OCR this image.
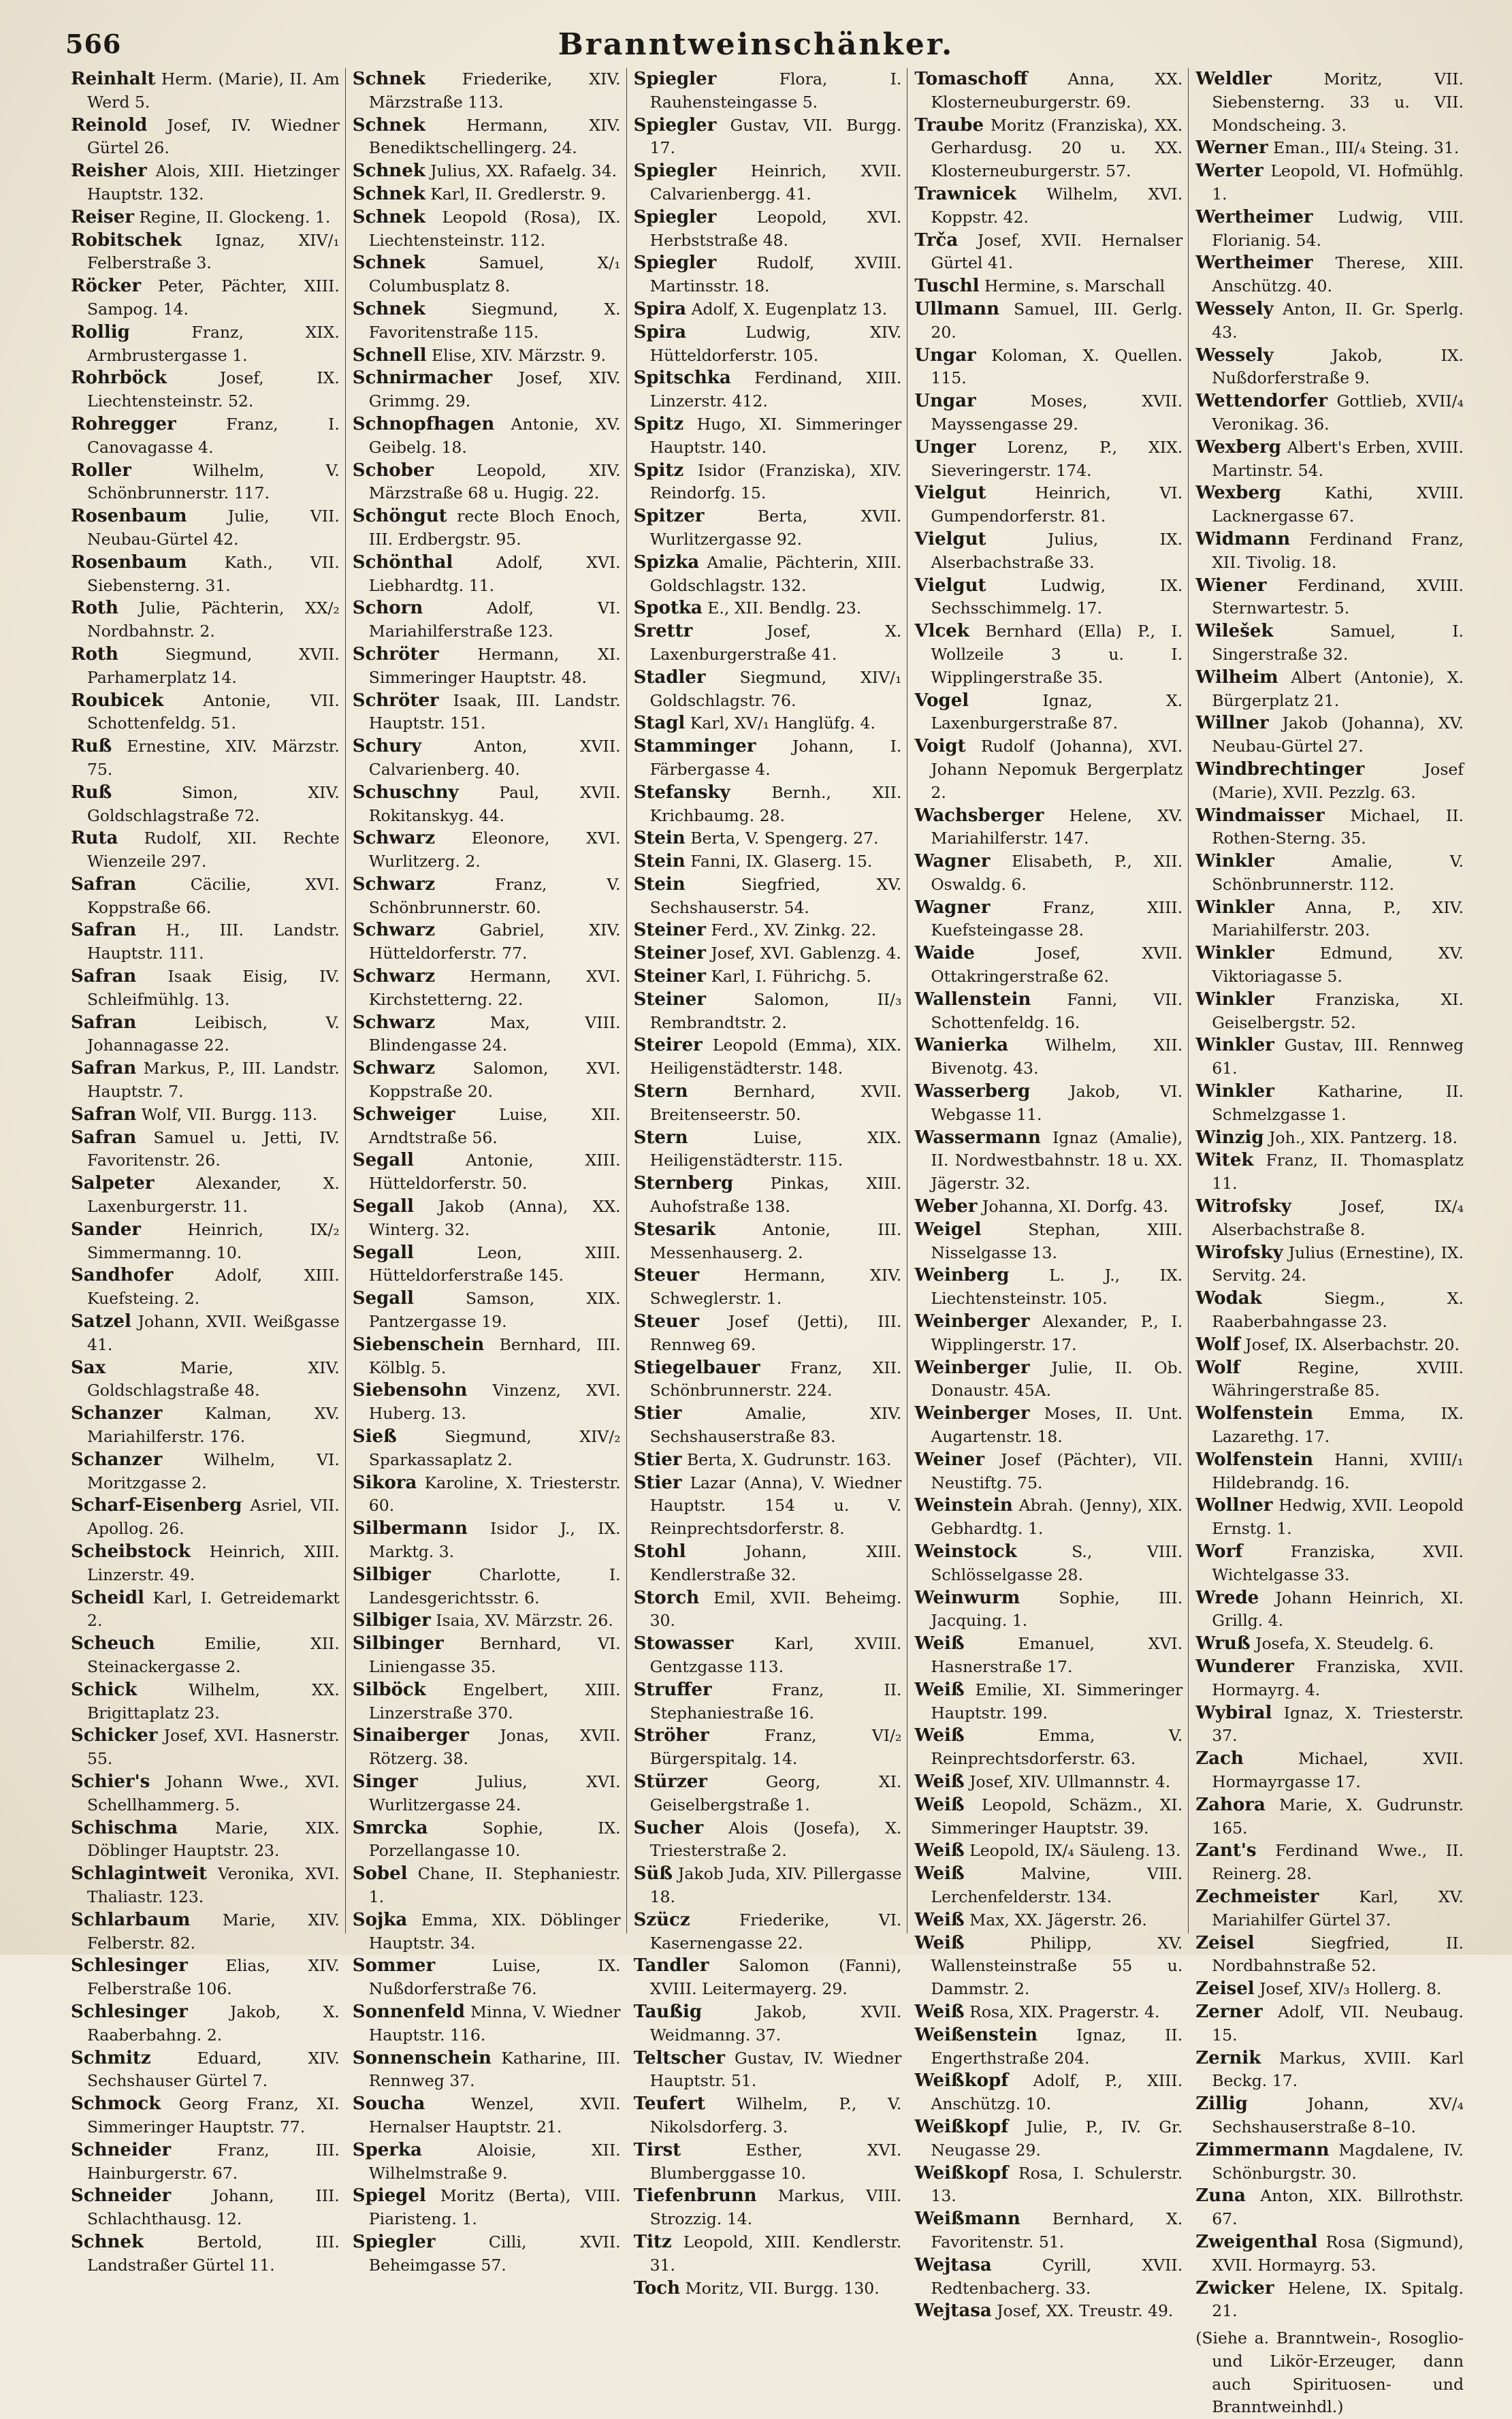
566	Branntweinschänker.
Reinhalt Herm. (Marie), II. Am Werd 5.
Reinold Josef, IV. Wiedner Gürtel 26.
Reisher Alois, XIII. Hietzinger Hauptstr. 132.
Reiser Regine, II. Glockeng. 1.
Robitschek Ignaz, XIV/₁ Felberstraße 3.
Röcker Peter, Pächter, XIII. Sampog. 14.
Rollig	Franz, XIX. Armbrustergasse 1.
Rohrböck	Josef, IX. Liechtensteinstr. 52.
Rohregger	Franz, I. Canovagasse 4.
Roller	Wilhelm, V. Schönbrunnerstr. 117.
Rosenbaum	Julie, VII. Neubau-Gürtel 42.
Rosenbaum Kath., VII. Siebensterng. 31.
Roth Julie, Pächterin, XX/₂ Nordbahnstr. 2.
Roth	Siegmund, XVII. Parhamerplatz 14.
Roubicek Antonie, VII. Schottenfeldg. 51.
Ruß Ernestine, XIV. Märzstr. 75.
Ruß	Simon, XIV. Goldschlagstraße 72.
Ruta Rudolf, XII. Rechte Wienzeile 297.
Safran	Cäcilie, XVI. Koppstraße 66.
Safran H., III. Landstr. Hauptstr. 111.
Safran Isaak Eisig, IV. Schleifmühlg. 13.
Safran	Leibisch, V. Johannagasse 22.
Safran Markus, P., III. Landstr. Hauptstr. 7.
Safran Wolf, VII. Burgg. 113.
Safran Samuel u. Jetti, IV. Favoritenstr. 26.
Salpeter	Alexander, X. Laxenburgerstr. 11.
Sander	Heinrich, IX/₂ Simmermanng. 10.
Sandhofer	Adolf, XIII. Kuefsteing. 2.
Satzel Johann, XVII. Weißgasse 41.
Sax	Marie, XIV. Goldschlagstraße 48.
Schanzer	Kalman, XV. Mariahilferstr. 176.
Schanzer	Wilhelm, VI. Moritzgasse 2.
Scharf-Eisenberg Asriel, VII. Apollog. 26.
Scheibstock Heinrich, XIII. Linzerstr. 49.
Scheidl Karl, I. Getreidemarkt 2.
Scheuch	Emilie, XII. Steinackergasse 2.
Schick	Wilhelm, XX. Brigittaplatz 23.
Schicker Josef, XVI. Hasnerstr. 55.
Schier's Johann Wwe., XVI. Schellhammerg. 5.
Schischma Marie, XIX. Döblinger Hauptstr. 23.
Schlagintweit Veronika, XVI. Thaliastr. 123.
Schlarbaum Marie, XIV. Felberstr. 82.
Schlesinger Elias, XIV. Felberstraße 106.
Schlesinger	Jakob, X. Raaberbahng. 2.
Schmitz	Eduard, XIV. Sechshauser Gürtel 7.
Schmock Georg Franz, XI. Simmeringer Hauptstr. 77.
Schneider	Franz, III. Hainburgerstr. 67.
Schneider	Johann, III. Schlachthausg. 12.
Schnek	Bertold, III. Landstraßer Gürtel 11.
Schnek Friederike, XIV. Märzstraße 113.
Schnek	Hermann, XIV. Benediktschellingerg. 24.
Schnek Julius, XX. Rafaelg. 34.
Schnek Karl, II. Gredlerstr. 9.
Schnek Leopold (Rosa), IX. Liechtensteinstr. 112.
Schnek	Samuel, X/₁ Columbusplatz 8.
Schnek	Siegmund, X. Favoritenstraße 115.
Schnell Elise, XIV. Märzstr. 9.
Schnirmacher Josef, XIV. Grimmg. 29.
Schnopfhagen Antonie, XV. Geibelg. 18.
Schober	Leopold, XIV. Märzstraße 68 u. Hugig. 22.
Schöngut recte Bloch Enoch, III. Erdbergstr. 95.
Schönthal	Adolf, XVI. Liebhardtg. 11.
Schorn	Adolf, VI. Mariahilferstraße 123.
Schröter Hermann, XI. Simmeringer Hauptstr. 48.
Schröter Isaak, III. Landstr. Hauptstr. 151.
Schury	Anton, XVII. Calvarienberg. 40.
Schuschny	Paul, XVII. Rokitanskyg. 44.
Schwarz Eleonore, XVI. Wurlitzerg. 2.
Schwarz	Franz, V. Schönbrunnerstr. 60.
Schwarz	Gabriel, XIV. Hütteldorferstr. 77.
Schwarz Hermann, XVI. Kirchstetterng. 22.
Schwarz	Max, VIII. Blindengasse 24.
Schwarz Salomon, XVI. Koppstraße 20.
Schweiger	Luise, XII. Arndtstraße 56.
Segall	Antonie, XIII. Hütteldorferstr. 50.
Segall Jakob (Anna), XX. Winterg. 32.
Segall	Leon, XIII. Hütteldorferstraße 145.
Segall	Samson, XIX. Pantzergasse 19.
Siebenschein Bernhard, III. Kölblg. 5.
Siebensohn Vinzenz, XVI. Huberg. 13.
Sieß	Siegmund, XIV/₂ Sparkassaplatz 2.
Sikora Karoline, X. Triesterstr. 60.
Silbermann Isidor J., IX. Marktg. 3.
Silbiger	Charlotte, I. Landesgerichtsstr. 6.
Silbiger Isaia, XV. Märzstr. 26.
Silbinger Bernhard, VI. Liniengasse 35.
Silböck Engelbert, XIII. Linzerstraße 370.
Sinaiberger Jonas, XVII. Rötzerg. 38.
Singer	Julius, XVI. Wurlitzergasse 24.
Smrcka	Sophie, IX. Porzellangasse 10.
Sobel Chane, II. Stephaniestr. 1.
Sojka Emma, XIX. Döblinger Hauptstr. 34.
Sommer	Luise, IX. Nußdorferstraße 76.
Sonnenfeld Minna, V. Wiedner Hauptstr. 116.
Sonnenschein Katharine, III. Rennweg 37.
Soucha	Wenzel, XVII. Hernalser Hauptstr. 21.
Sperka	Aloisie, XII. Wilhelmstraße 9.
Spiegel Moritz (Berta), VIII. Piaristeng. 1.
Spiegler	Cilli, XVII. Beheimgasse 57.
Spiegler	Flora, I. Rauhensteingasse 5.
Spiegler Gustav, VII. Burgg. 17.
Spiegler Heinrich, XVII. Calvarienbergg. 41.
Spiegler	Leopold, XVI. Herbststraße 48.
Spiegler	Rudolf, XVIII. Martinsstr. 18.
Spira Adolf, X. Eugenplatz 13.
Spira	Ludwig, XIV. Hütteldorferstr. 105.
Spitschka Ferdinand, XIII. Linzerstr. 412.
Spitz Hugo, XI. Simmeringer Hauptstr. 140.
Spitz Isidor (Franziska), XIV. Reindorfg. 15.
Spitzer	Berta, XVII. Wurlitzergasse 92.
Spizka Amalie, Pächterin, XIII. Goldschlagstr. 132.
Spotka E., XII. Bendlg. 23.
Srettr	Josef, X. Laxenburgerstraße 41.
Stadler Siegmund, XIV/₁ Goldschlagstr. 76.
Stagl Karl, XV/₁ Hanglüfg. 4.
Stamminger Johann, I. Färbergasse 4.
Stefansky	Bernh., XII. Krichbaumg. 28.
Stein Berta, V. Spengerg. 27.
Stein Fanni, IX. Glaserg. 15.
Stein	Siegfried, XV. Sechshauserstr. 54.
Steiner Ferd., XV. Zinkg. 22.
Steiner Josef, XVI. Gablenzg. 4.
Steiner Karl, I. Führichg. 5.
Steiner	Salomon, II/₃ Rembrandtstr. 2.
Steirer Leopold (Emma), XIX. Heiligenstädterstr. 148.
Stern	Bernhard, XVII. Breitenseerstr. 50.
Stern	Luise, XIX. Heiligenstädterstr. 115.
Sternberg Pinkas, XIII. Auhofstraße 138.
Stesarik	Antonie, III. Messenhauserg. 2.
Steuer	Hermann, XIV. Schweglerstr. 1.
Steuer Josef (Jetti), III. Rennweg 69.
Stiegelbauer Franz, XII. Schönbrunnerstr. 224.
Stier	Amalie, XIV. Sechshauserstraße 83.
Stier Berta, X. Gudrunstr. 163.
Stier Lazar (Anna), V. Wiedner Hauptstr. 154 u. V. Reinprechtsdorferstr. 8.
Stohl	Johann, XIII. Kendlerstraße 32.
Storch Emil, XVII. Beheimg. 30.
Stowasser	Karl, XVIII. Gentzgasse 113.
Struffer	Franz, II. Stephaniestraße 16.
Ströher	Franz, VI/₂ Bürgerspitalg. 14.
Stürzer	Georg, XI. Geiselbergstraße 1.
Sucher Alois (Josefa), X. Triesterstraße 2.
Süß Jakob Juda, XIV. Pillergasse 18.
Szücz	Friederike, VI. Kasernengasse 22.
Tandler Salomon (Fanni), XVIII. Leitermayerg. 29.
Taußig	Jakob, XVII. Weidmanng. 37.
Teltscher Gustav, IV. Wiedner Hauptstr. 51.
Teufert Wilhelm, P., V. Nikolsdorferg. 3.
Tirst	Esther, XVI. Blumberggasse 10.
Tiefenbrunn Markus, VIII. Strozzig. 14.
Titz Leopold, XIII. Kendlerstr. 31.
Toch Moritz, VII. Burgg. 130.
Tomaschoff	Anna, XX. Klosterneuburgerstr. 69.
Traube Moritz (Franziska), XX. Gerhardusg. 20 u. XX. Klosterneuburgerstr. 57.
Trawnicek Wilhelm, XVI. Koppstr. 42.
Trča Josef, XVII. Hernalser Gürtel 41.
Tuschl Hermine, s. Marschall
Ullmann Samuel, III. Gerlg. 20.
Ungar Koloman, X. Quellen. 115.
Ungar	Moses, XVII. Mayssengasse 29.
Unger Lorenz, P., XIX. Sieveringerstr. 174.
Vielgut	Heinrich, VI. Gumpendorferstr. 81.
Vielgut	Julius, IX. Alserbachstraße 33.
Vielgut	Ludwig, IX. Sechsschimmelg. 17.
Vlcek Bernhard (Ella) P., I. Wollzeile 3 u. I. Wipplingerstraße 35.
Vogel	Ignaz, X. Laxenburgerstraße 87.
Voigt Rudolf (Johanna), XVI. Johann Nepomuk Bergerplatz 2.
Wachsberger Helene, XV. Mariahilferstr. 147.
Wagner Elisabeth, P., XII. Oswaldg. 6.
Wagner	Franz, XIII. Kuefsteingasse 28.
Waide	Josef, XVII. Ottakringerstraße 62.
Wallenstein Fanni, VII. Schottenfeldg. 16.
Wanierka Wilhelm, XII. Bivenotg. 43.
Wasserberg Jakob, VI. Webgasse 11.
Wassermann Ignaz (Amalie), II. Nordwestbahnstr. 18 u. XX. Jägerstr. 32.
Weber Johanna, XI. Dorfg. 43.
Weigel	Stephan, XIII. Nisselgasse 13.
Weinberg L. J., IX. Liechtensteinstr. 105.
Weinberger Alexander, P., I. Wipplingerstr. 17.
Weinberger Julie, II. Ob. Donaustr. 45A.
Weinberger Moses, II. Unt. Augartenstr. 18.
Weiner Josef (Pächter), VII. Neustiftg. 75.
Weinstein Abrah. (Jenny), XIX. Gebhardtg. 1.
Weinstock	S., VIII. Schlösselgasse 28.
Weinwurm Sophie, III. Jacquing. 1.
Weiß	Emanuel, XVI. Hasnerstraße 17.
Weiß Emilie, XI. Simmeringer Hauptstr. 199.
Weiß	Emma, V. Reinprechtsdorferstr. 63.
Weiß Josef, XIV. Ullmannstr. 4.
Weiß Leopold, Schäzm., XI. Simmeringer Hauptstr. 39.
Weiß Leopold, IX/₄ Säuleng. 13.
Weiß	Malvine, VIII. Lerchenfelderstr. 134.
Weiß Max, XX. Jägerstr. 26.
Weiß	Philipp, XV. Wallensteinstraße 55 u. Dammstr. 2.
Weiß Rosa, XIX. Pragerstr. 4.
Weißenstein Ignaz, II. Engerthstraße 204.
Weißkopf Adolf, P., XIII. Anschützg. 10.
Weißkopf Julie, P., IV. Gr. Neugasse 29.
Weißkopf Rosa, I. Schulerstr. 13.
Weißmann Bernhard, X. Favoritenstr. 51.
Wejtasa	Cyrill, XVII. Redtenbacherg. 33.
Wejtasa Josef, XX. Treustr. 49.
Weldler	Moritz, VII. Siebensterng. 33 u. VII. Mondscheing. 3.
Werner Eman., III/₄ Steing. 31.
Werter Leopold, VI. Hofmühlg. 1.
Wertheimer Ludwig, VIII. Florianig. 54.
Wertheimer Therese, XIII. Anschützg. 40.
Wessely Anton, II. Gr. Sperlg. 43.
Wessely	Jakob, IX. Nußdorferstraße 9.
Wettendorfer Gottlieb, XVII/₄ Veronikag. 36.
Wexberg Albert's Erben, XVIII. Martinstr. 54.
Wexberg	Kathi, XVIII. Lacknergasse 67.
Widmann Ferdinand Franz, XII. Tivolig. 18.
Wiener Ferdinand, XVIII. Sternwartestr. 5.
Wilešek	Samuel, I. Singerstraße 32.
Wilheim Albert (Antonie), X. Bürgerplatz 21.
Willner Jakob (Johanna), XV. Neubau-Gürtel 27.
Windbrechtinger	Josef (Marie), XVII. Pezzlg. 63.
Windmaisser Michael, II. Rothen-Sterng. 35.
Winkler	Amalie, V. Schönbrunnerstr. 112.
Winkler Anna, P., XIV. Mariahilferstr. 203.
Winkler	Edmund, XV. Viktoriagasse 5.
Winkler	Franziska, XI. Geiselbergstr. 52.
Winkler Gustav, III. Rennweg 61.
Winkler	Katharine, II. Schmelzgasse 1.
Winzig Joh., XIX. Pantzerg. 18.
Witek Franz, II. Thomasplatz 11.
Witrofsky	Josef, IX/₄ Alserbachstraße 8.
Wirofsky Julius (Ernestine), IX. Servitg. 24.
Wodak	Siegm., X. Raaberbahngasse 23.
Wolf Josef, IX. Alserbachstr. 20.
Wolf	Regine, XVIII. Währingerstraße 85.
Wolfenstein Emma, IX. Lazarethg. 17.
Wolfenstein Hanni, XVIII/₁ Hildebrandg. 16.
Wollner Hedwig, XVII. Leopold Ernstg. 1.
Worf	Franziska, XVII. Wichtelgasse 33.
Wrede Johann Heinrich, XI. Grillg. 4.
Wruß Josefa, X. Steudelg. 6.
Wunderer Franziska, XVII. Hormayrg. 4.
Wybiral Ignaz, X. Triesterstr. 37.
Zach	Michael, XVII. Hormayrgasse 17.
Zahora Marie, X. Gudrunstr. 165.
Zant's Ferdinand Wwe., II. Reinerg. 28.
Zechmeister	Karl, XV. Mariahilfer Gürtel 37.
Zeisel	Siegfried, II. Nordbahnstraße 52.
Zeisel Josef, XIV/₃ Hollerg. 8.
Zerner Adolf, VII. Neubaug. 15.
Zernik Markus, XVIII. Karl Beckg. 17.
Zillig	Johann, XV/₄ Sechshauserstraße 8–10.
Zimmermann Magdalene, IV. Schönburgstr. 30.
Zuna Anton, XIX. Billrothstr. 67.
Zweigenthal Rosa (Sigmund), XVII. Hormayrg. 53.
Zwicker Helene, IX. Spitalg. 21.
(Siehe a. Branntwein-, Rosoglio- und Likör-Erzeuger, dann auch Spirituosen- und Branntweinhdl.)
